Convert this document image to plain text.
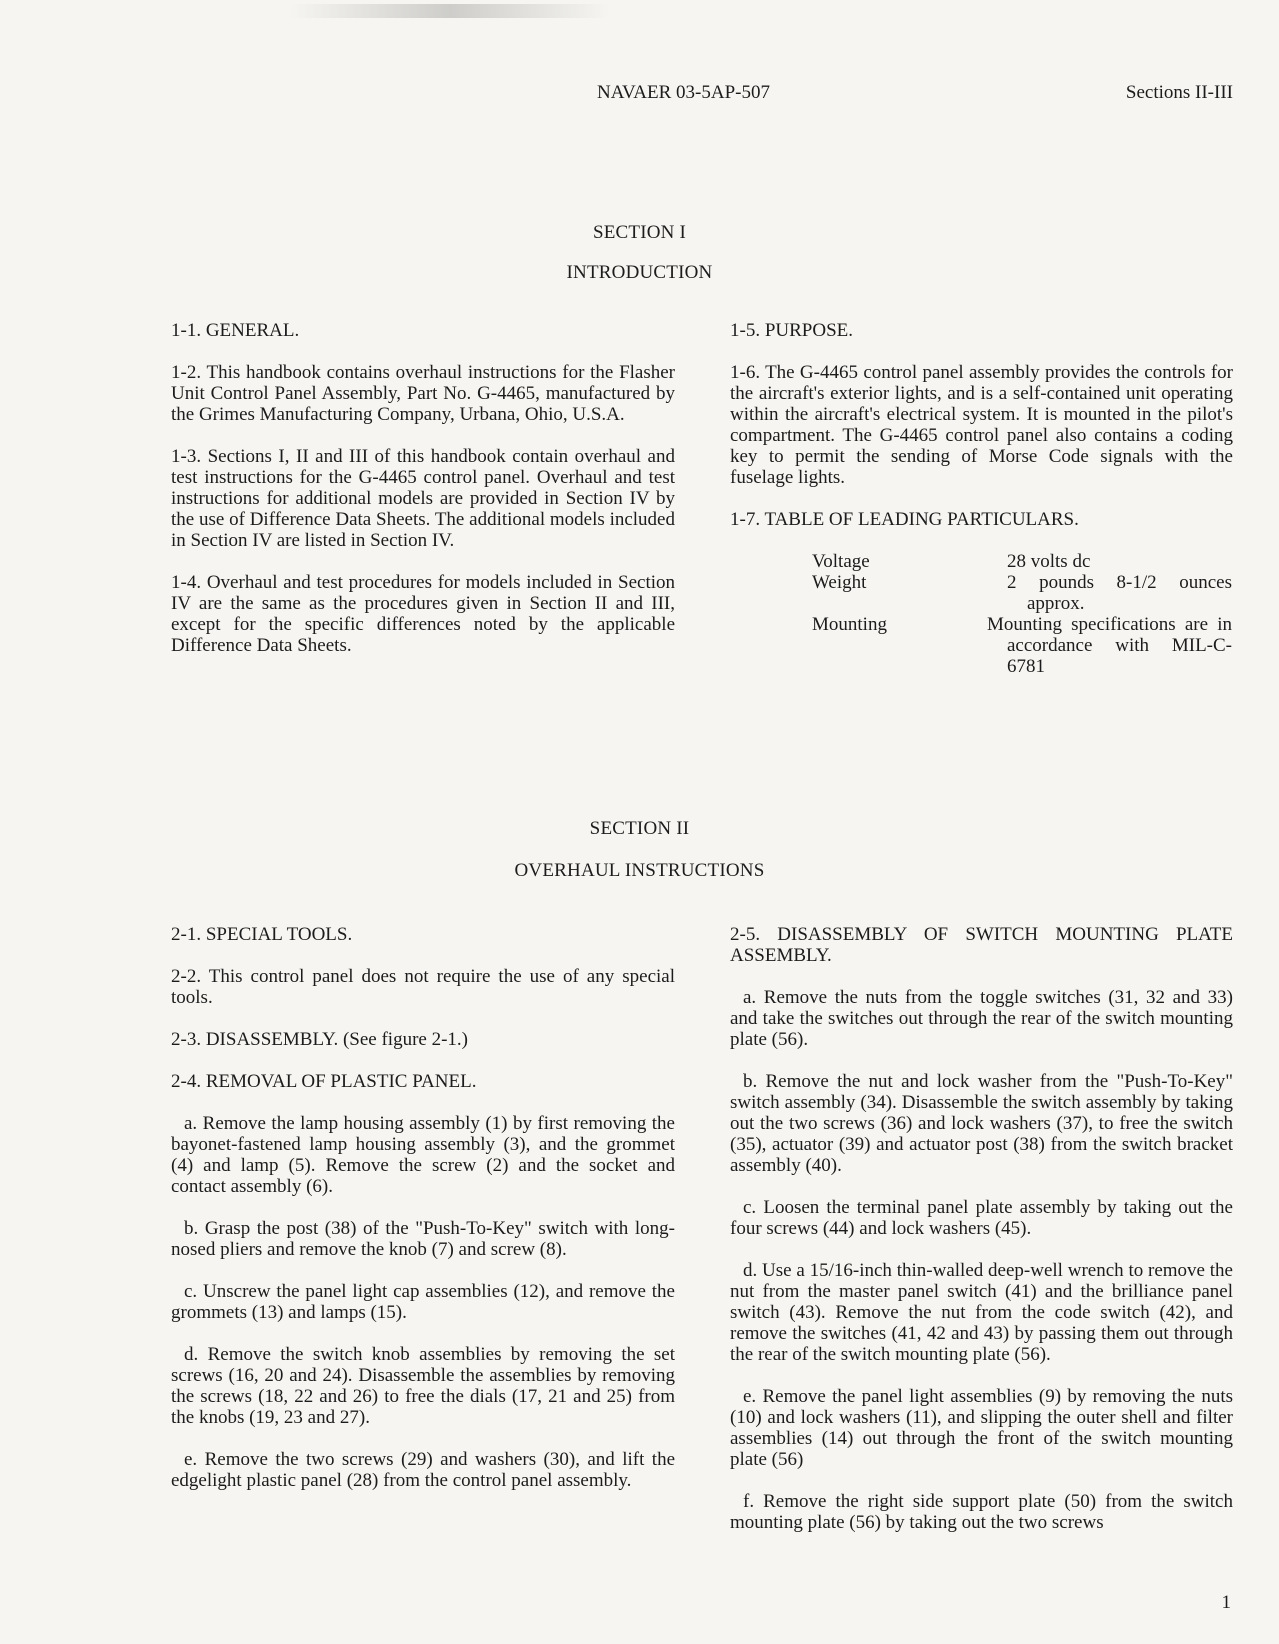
NAVAER 03-5AP-507	Sections II-III
SECTION I
INTRODUCTION

1-1. GENERAL.

1-2. This handbook contains overhaul instructions for the Flasher Unit Control Panel Assembly, Part No. G-4465, manufactured by the Grimes Manufacturing Company, Urbana, Ohio, U.S.A.

1-3. Sections I, II and III of this handbook contain overhaul and test instructions for the G-4465 control panel. Overhaul and test instructions for additional models are provided in Section IV by the use of Difference Data Sheets. The additional models included in Section IV are listed in Section IV.

1-4. Overhaul and test procedures for models included in Section IV are the same as the procedures given in Section II and III, except for the specific differences noted by the applicable Difference Data Sheets.

1-5. PURPOSE.

1-6. The G-4465 control panel assembly provides the controls for the aircraft's exterior lights, and is a self-contained unit operating within the aircraft's electrical system. It is mounted in the pilot's compartment. The G-4465 control panel also contains a coding key to permit the sending of Morse Code signals with the fuselage lights.

1-7. TABLE OF LEADING PARTICULARS.

Voltage	28 volts dc
Weight	2 pounds 8-1/2 ounces approx.
Mounting	Mounting specifications are in accordance with MIL-C-6781
SECTION II
OVERHAUL INSTRUCTIONS

2-1. SPECIAL TOOLS.

2-2. This control panel does not require the use of any special tools.

2-3. DISASSEMBLY. (See figure 2-1.)

2-4. REMOVAL OF PLASTIC PANEL.

a. Remove the lamp housing assembly (1) by first removing the bayonet-fastened lamp housing assembly (3), and the grommet (4) and lamp (5). Remove the screw (2) and the socket and contact assembly (6).

b. Grasp the post (38) of the "Push-To-Key" switch with long-nosed pliers and remove the knob (7) and screw (8).

c. Unscrew the panel light cap assemblies (12), and remove the grommets (13) and lamps (15).

d. Remove the switch knob assemblies by removing the set screws (16, 20 and 24). Disassemble the assemblies by removing the screws (18, 22 and 26) to free the dials (17, 21 and 25) from the knobs (19, 23 and 27).

e. Remove the two screws (29) and washers (30), and lift the edgelight plastic panel (28) from the control panel assembly.

2-5. DISASSEMBLY OF SWITCH MOUNTING PLATE ASSEMBLY.

a. Remove the nuts from the toggle switches (31, 32 and 33) and take the switches out through the rear of the switch mounting plate (56).

b. Remove the nut and lock washer from the "Push-To-Key" switch assembly (34). Disassemble the switch assembly by taking out the two screws (36) and lock washers (37), to free the switch (35), actuator (39) and actuator post (38) from the switch bracket assembly (40).

c. Loosen the terminal panel plate assembly by taking out the four screws (44) and lock washers (45).

d. Use a 15/16-inch thin-walled deep-well wrench to remove the nut from the master panel switch (41) and the brilliance panel switch (43). Remove the nut from the code switch (42), and remove the switches (41, 42 and 43) by passing them out through the rear of the switch mounting plate (56).

e. Remove the panel light assemblies (9) by removing the nuts (10) and lock washers (11), and slipping the outer shell and filter assemblies (14) out through the front of the switch mounting plate (56)

f. Remove the right side support plate (50) from the switch mounting plate (56) by taking out the two screws

1
